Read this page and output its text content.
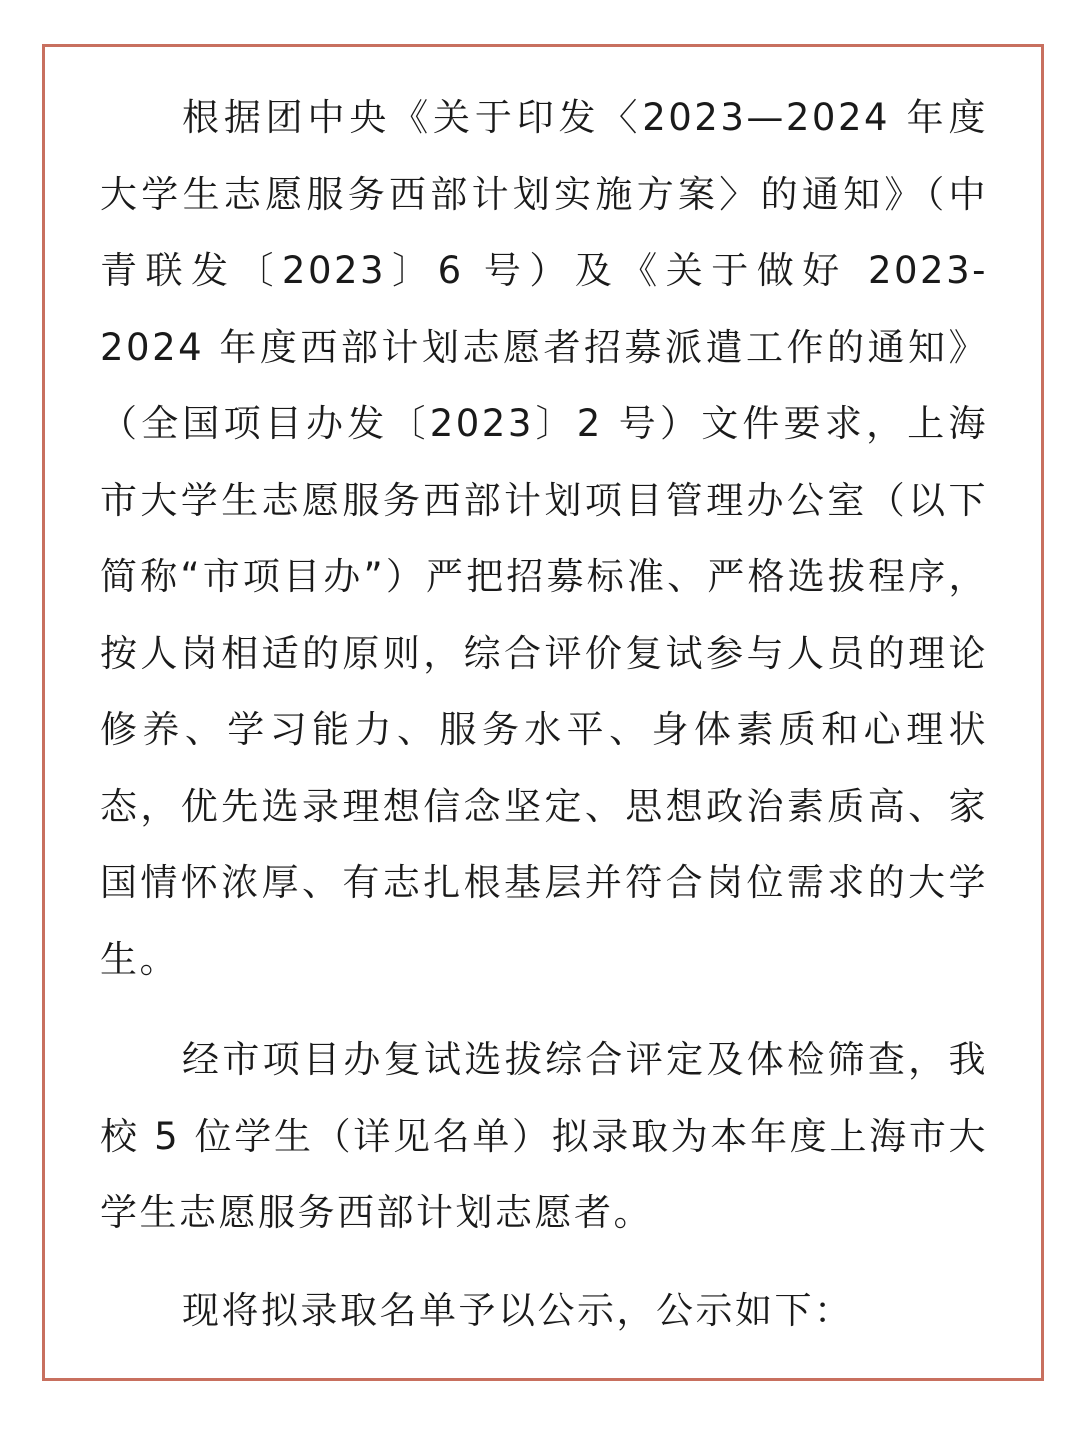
根据团中央《关于印发〈2023—2024 年度大学生志愿服务西部计划实施方案〉的通知》（中青联发〔2023〕6 号）及《关于做好 2023-2024 年度西部计划志愿者招募派遣工作的通知》（全国项目办发〔2023〕2 号）文件要求，上海市大学生志愿服务西部计划项目管理办公室（以下简称“市项目办”）严把招募标准、严格选拔程序，按人岗相适的原则，综合评价复试参与人员的理论修养、学习能力、服务水平、身体素质和心理状态，优先选录理想信念坚定、思想政治素质高、家国情怀浓厚、有志扎根基层并符合岗位需求的大学生。

经市项目办复试选拔综合评定及体检筛查，我校 5 位学生（详见名单）拟录取为本年度上海市大学生志愿服务西部计划志愿者。

现将拟录取名单予以公示，公示如下：
